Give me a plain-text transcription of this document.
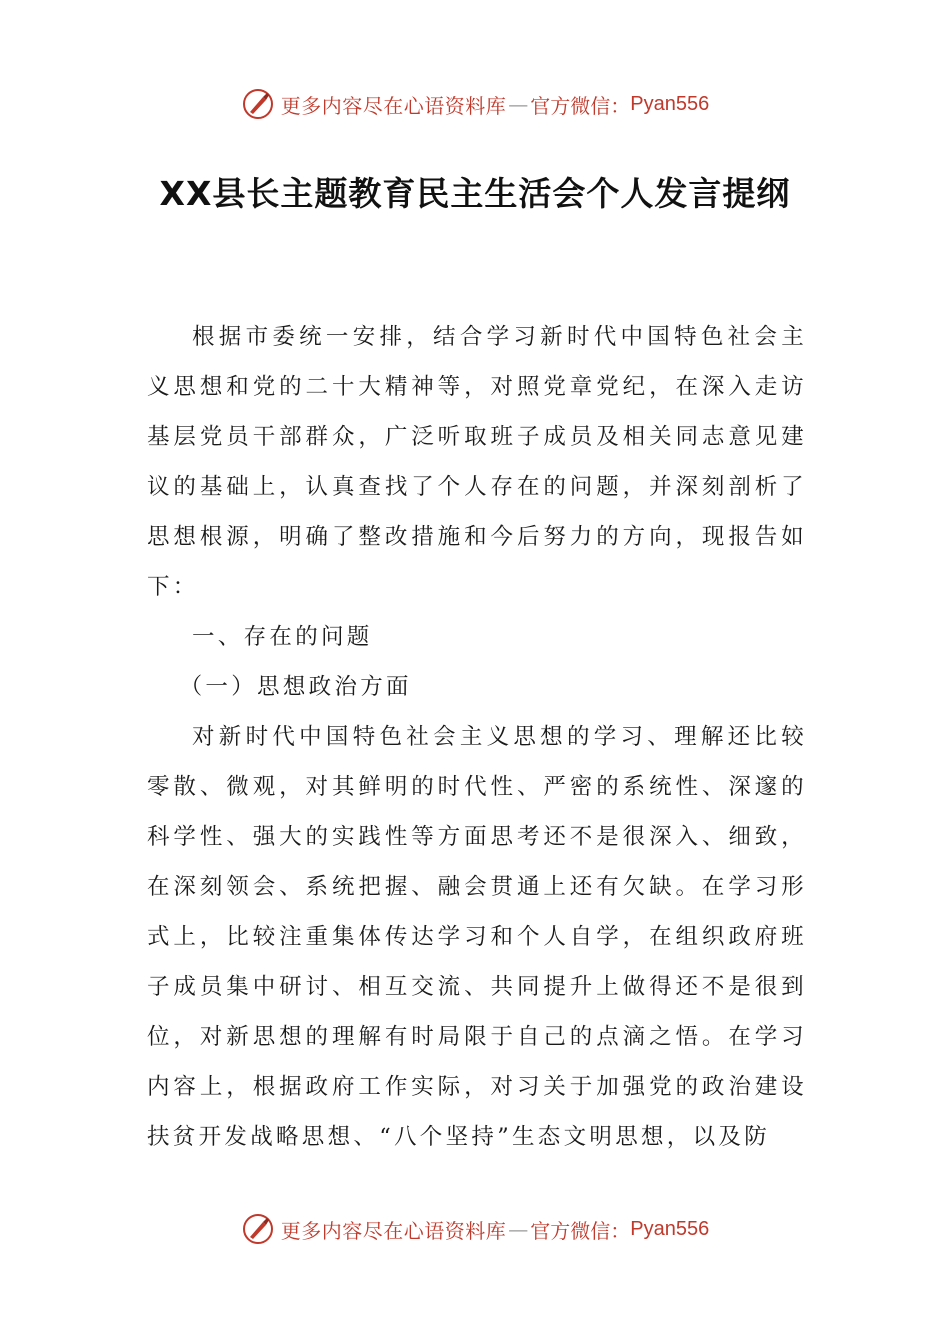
更多内容尽在心语资料库 — 官方微信： Pyan556
XX县长主题教育民主生活会个人发言提纲

根据市委统一安排，结合学习新时代中国特色社会主义思想和党的二十大精神等，对照党章党纪，在深入走访基层党员干部群众，广泛听取班子成员及相关同志意见建议的基础上，认真查找了个人存在的问题，并深刻剖析了思想根源，明确了整改措施和今后努力的方向，现报告如下：

一、存在的问题

（一）思想政治方面

对新时代中国特色社会主义思想的学习、理解还比较零散、微观，对其鲜明的时代性、严密的系统性、深邃的科学性、强大的实践性等方面思考还不是很深入、细致，在深刻领会、系统把握、融会贯通上还有欠缺。在学习形式上，比较注重集体传达学习和个人自学，在组织政府班子成员集中研讨、相互交流、共同提升上做得还不是很到位，对新思想的理解有时局限于自己的点滴之悟。在学习内容上，根据政府工作实际，对习关于加强党的政治建设扶贫开发战略思想、“八个坚持”生态文明思想，以及防

更多内容尽在心语资料库 — 官方微信： Pyan556
